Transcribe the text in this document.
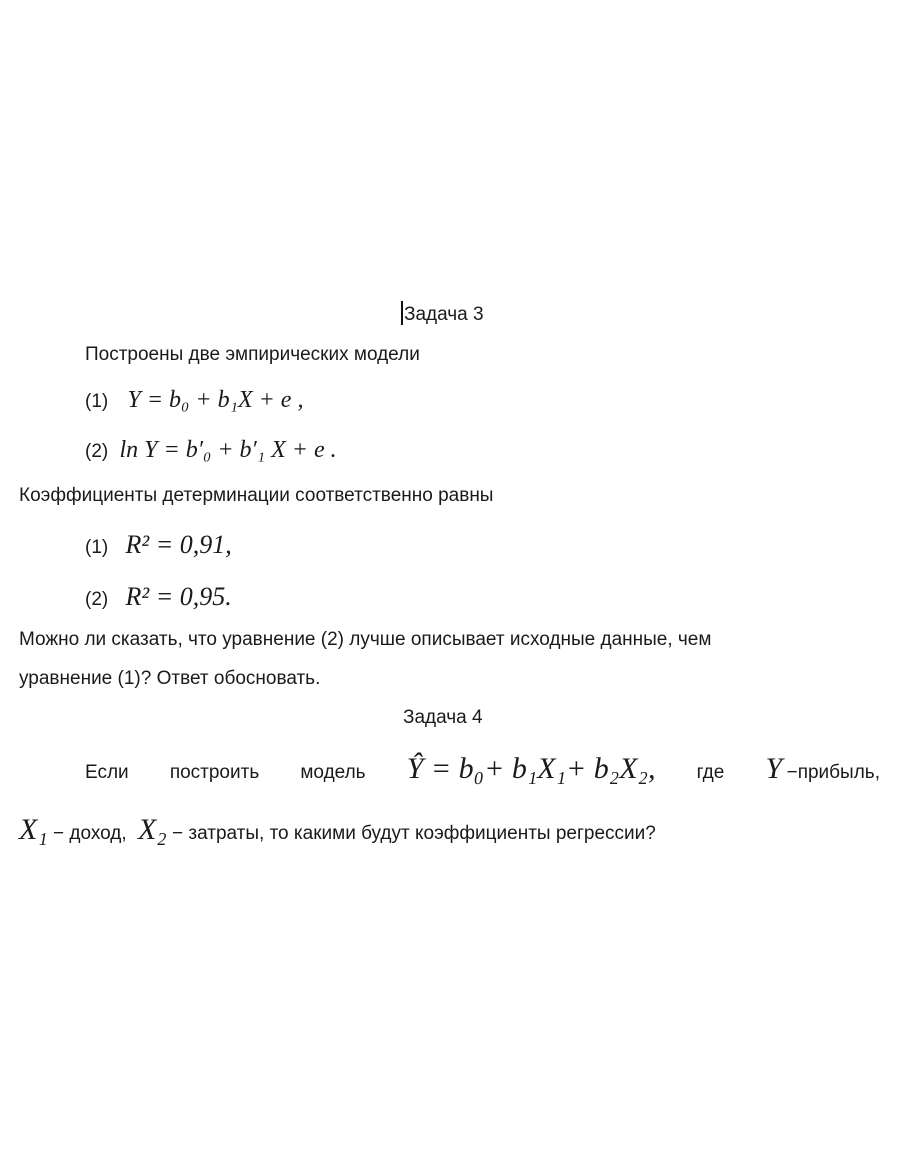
Задача 3
Построены две эмпирических модели
(1) Y = b₀ + b₁X + e ,
(2) ln Y = b′₀ + b′₁ X + e .
Коэффициенты детерминации соответственно равны
(1) R² = 0,91,
(2) R² = 0,95.
Можно ли сказать, что уравнение (2) лучше описывает исходные данные, чем
уравнение (1)? Ответ обосновать.
Задача 4
Если построить модель Ŷ = b₀+ b₁X₁+ b₂X₂, где Y −прибыль,
X₁ − доход, X₂ − затраты, то какими будут коэффициенты регрессии?
